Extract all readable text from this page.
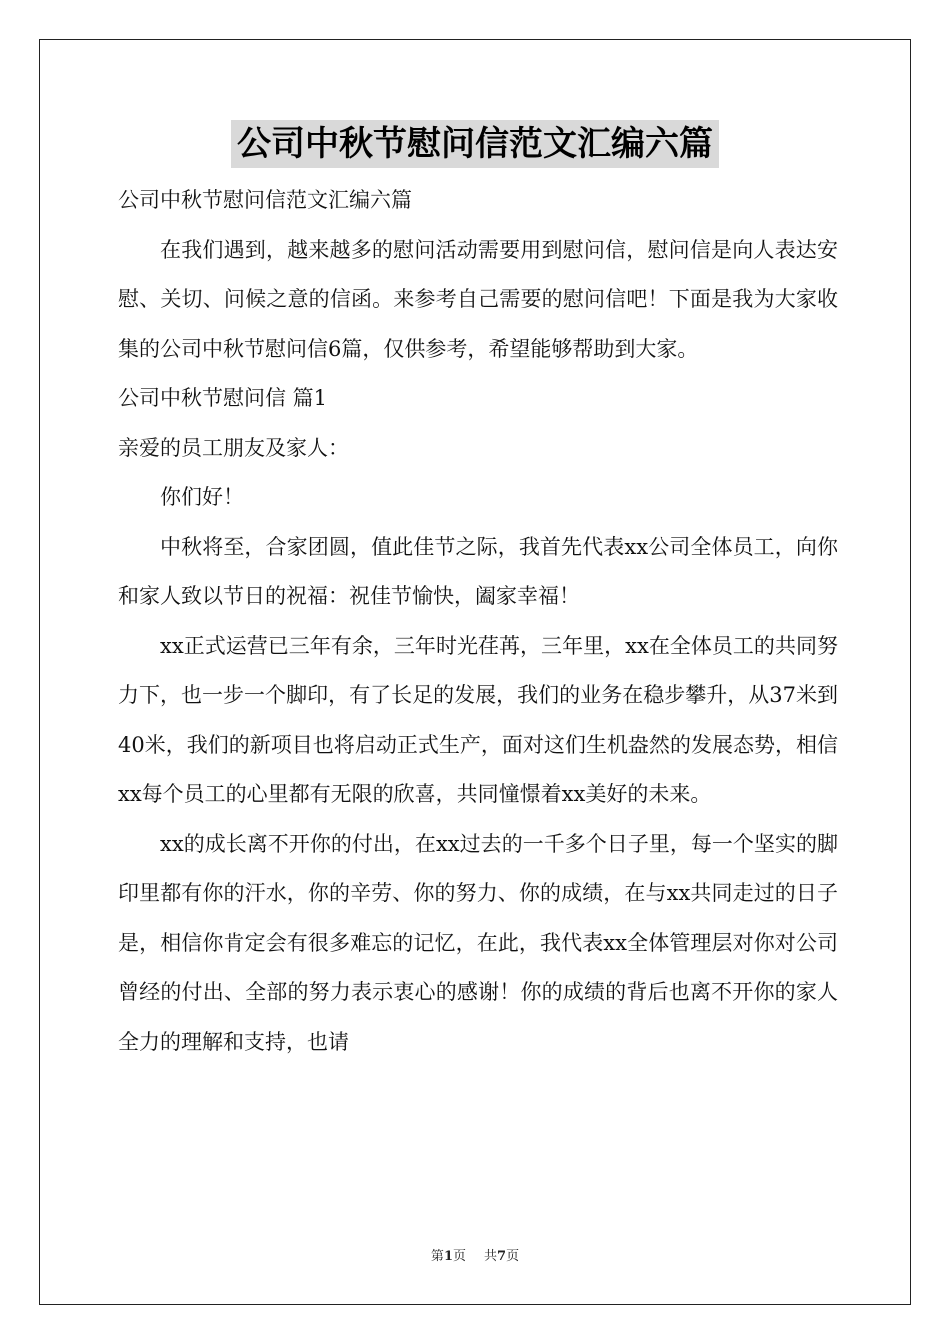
公司中秋节慰问信范文汇编六篇

公司中秋节慰问信范文汇编六篇

在我们遇到，越来越多的慰问活动需要用到慰问信，慰问信是向人表达安慰、关切、问候之意的信函。来参考自己需要的慰问信吧！下面是我为大家收集的公司中秋节慰问信6篇，仅供参考，希望能够帮助到大家。

公司中秋节慰问信 篇1

亲爱的员工朋友及家人：

你们好！

中秋将至，合家团圆，值此佳节之际，我首先代表xx公司全体员工，向你和家人致以节日的祝福：祝佳节愉快，阖家幸福！

xx正式运营已三年有余，三年时光荏苒，三年里，xx在全体员工的共同努力下，也一步一个脚印，有了长足的发展，我们的业务在稳步攀升，从37米到40米，我们的新项目也将启动正式生产，面对这们生机盎然的发展态势，相信xx每个员工的心里都有无限的欣喜，共同憧憬着xx美好的未来。

xx的成长离不开你的付出，在xx过去的一千多个日子里，每一个坚实的脚印里都有你的汗水，你的辛劳、你的努力、你的成绩，在与xx共同走过的日子是，相信你肯定会有很多难忘的记忆，在此，我代表xx全体管理层对你对公司曾经的付出、全部的努力表示衷心的感谢！你的成绩的背后也离不开你的家人全力的理解和支持，也请

第1页 共7页
